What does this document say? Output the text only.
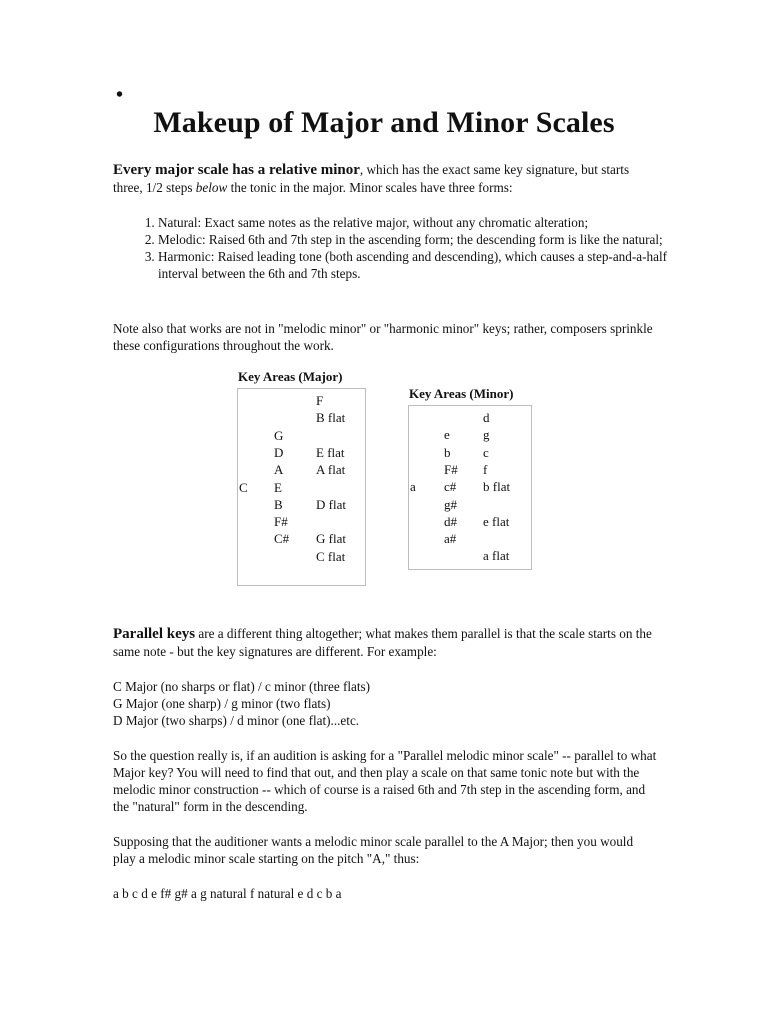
•
Makeup of Major and Minor Scales
Every major scale has a relative minor, which has the exact same key signature, but starts three, 1/2 steps below the tonic in the major. Minor scales have three forms:
1. Natural: Exact same notes as the relative major, without any chromatic alteration;
2. Melodic: Raised 6th and 7th step in the ascending form; the descending form is like the natural;
3. Harmonic: Raised leading tone (both ascending and descending), which causes a step-and-a-half interval between the 6th and 7th steps.
Note also that works are not in "melodic minor" or "harmonic minor" keys; rather, composers sprinkle these configurations throughout the work.
Key Areas (Major)
C
G
D
A
E
B
F#
C#
F
B flat
E flat
A flat
D flat
G flat
C flat
Key Areas (Minor)
a
e
b
F#
c#
g#
d#
a#
d
g
c
f
b flat
e flat
a flat
Parallel keys are a different thing altogether; what makes them parallel is that the scale starts on the same note - but the key signatures are different. For example:
C Major (no sharps or flat) / c minor (three flats)
G Major (one sharp) / g minor (two flats)
D Major (two sharps) / d minor (one flat)...etc.
So the question really is, if an audition is asking for a "Parallel melodic minor scale" -- parallel to what Major key? You will need to find that out, and then play a scale on that same tonic note but with the melodic minor construction -- which of course is a raised 6th and 7th step in the ascending form, and the "natural" form in the descending.
Supposing that the auditioner wants a melodic minor scale parallel to the A Major; then you would play a melodic minor scale starting on the pitch "A," thus:
a b c d e f# g# a g natural f natural e d c b a
